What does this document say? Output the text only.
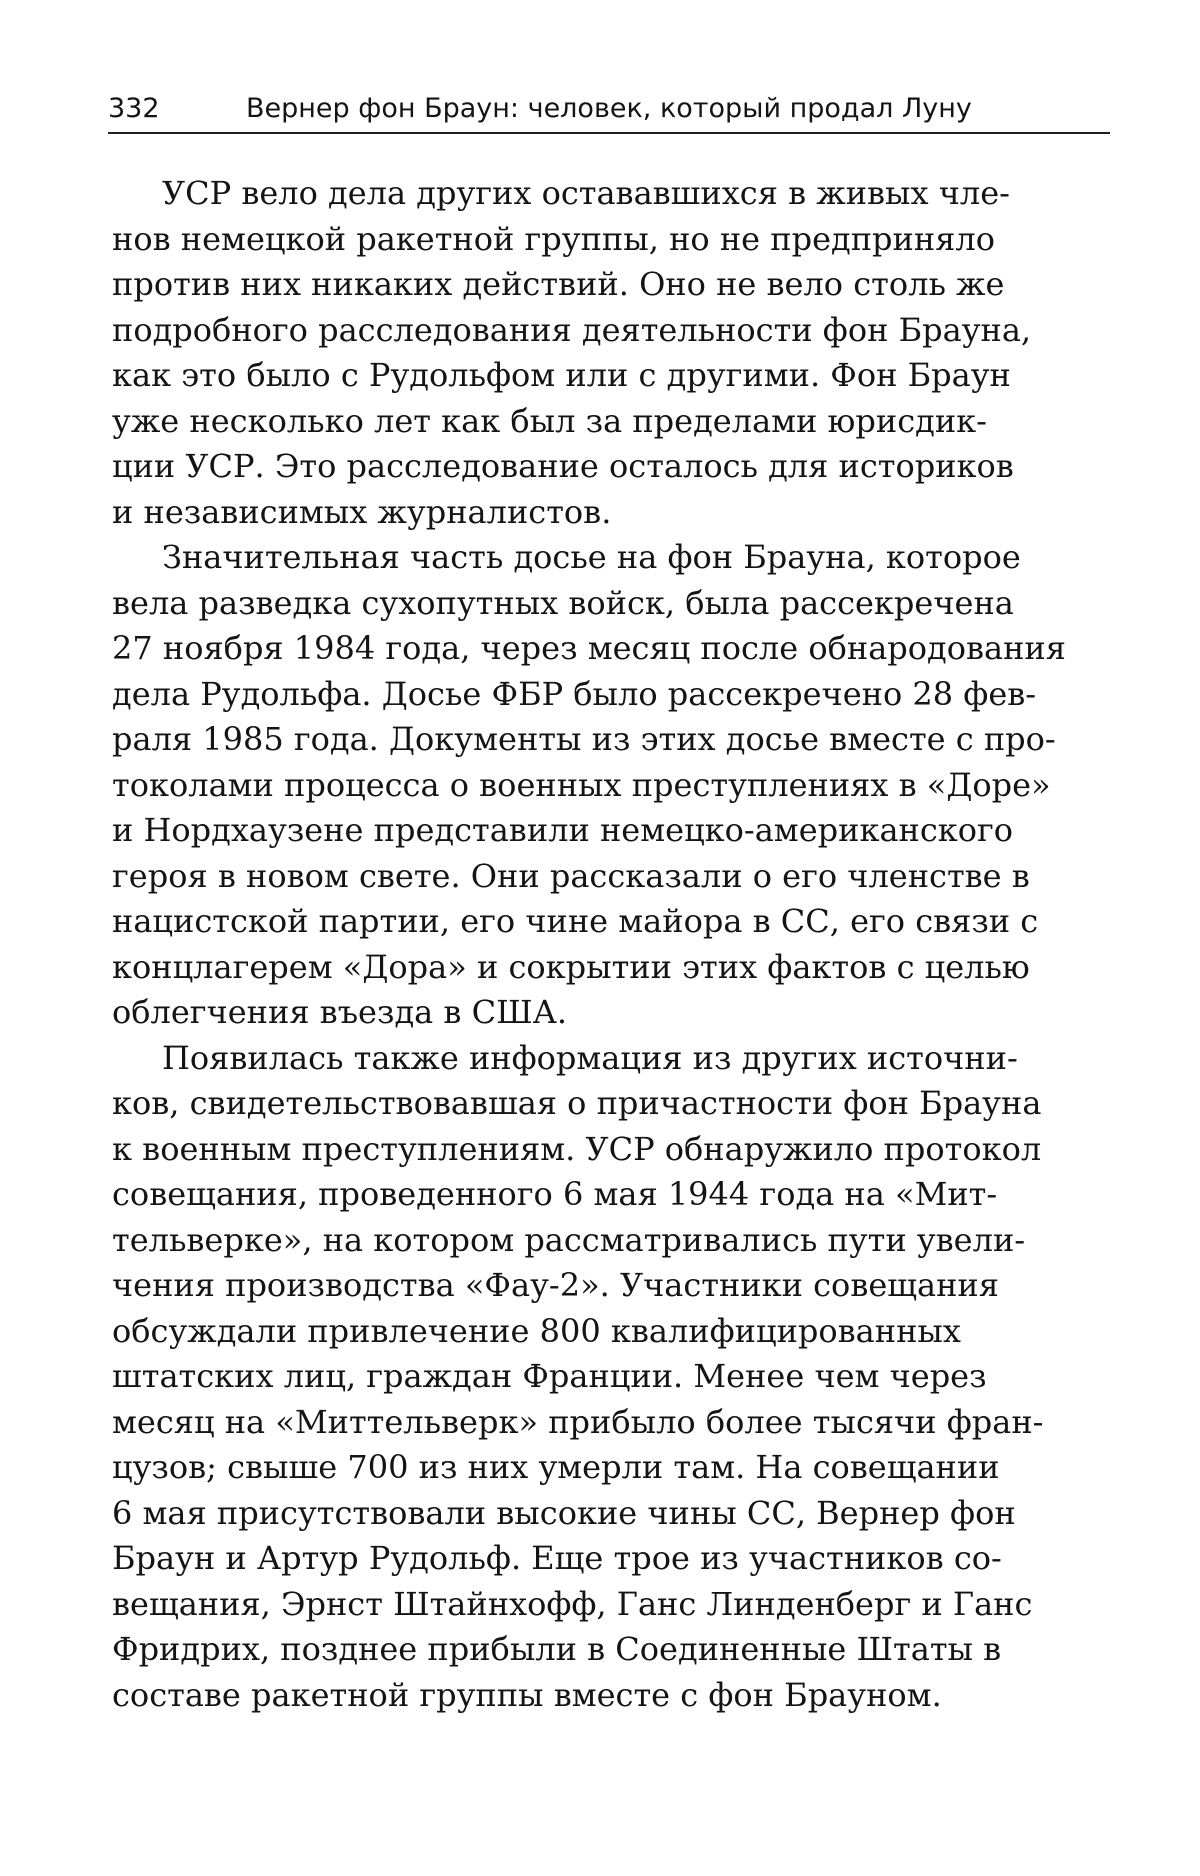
332	Вернер фон Браун: человек, который продал Луну

УСР вело дела других остававшихся в живых чле-
нов немецкой ракетной группы, но не предприняло
против них никаких действий. Оно не вело столь же
подробного расследования деятельности фон Брауна,
как это было с Рудольфом или с другими. Фон Браун
уже несколько лет как был за пределами юрисдик-
ции УСР. Это расследование осталось для историков
и независимых журналистов.

Значительная часть досье на фон Брауна, которое
вела разведка сухопутных войск, была рассекречена
27 ноября 1984 года, через месяц после обнародования
дела Рудольфа. Досье ФБР было рассекречено 28 фев-
раля 1985 года. Документы из этих досье вместе с про-
токолами процесса о военных преступлениях в «Доре»
и Нордхаузене представили немецко-американского
героя в новом свете. Они рассказали о его членстве в
нацистской партии, его чине майора в СС, его связи с
концлагерем «Дора» и сокрытии этих фактов с целью
облегчения въезда в США.

Появилась также информация из других источни-
ков, свидетельствовавшая о причастности фон Брауна
к военным преступлениям. УСР обнаружило протокол
совещания, проведенного 6 мая 1944 года на «Мит-
тельверке», на котором рассматривались пути увели-
чения производства «Фау-2». Участники совещания
обсуждали привлечение 800 квалифицированных
штатских лиц, граждан Франции. Менее чем через
месяц на «Миттельверк» прибыло более тысячи фран-
цузов; свыше 700 из них умерли там. На совещании
6 мая присутствовали высокие чины СС, Вернер фон
Браун и Артур Рудольф. Еще трое из участников со-
вещания, Эрнст Штайнхофф, Ганс Линденберг и Ганс
Фридрих, позднее прибыли в Соединенные Штаты в
составе ракетной группы вместе с фон Брауном.
